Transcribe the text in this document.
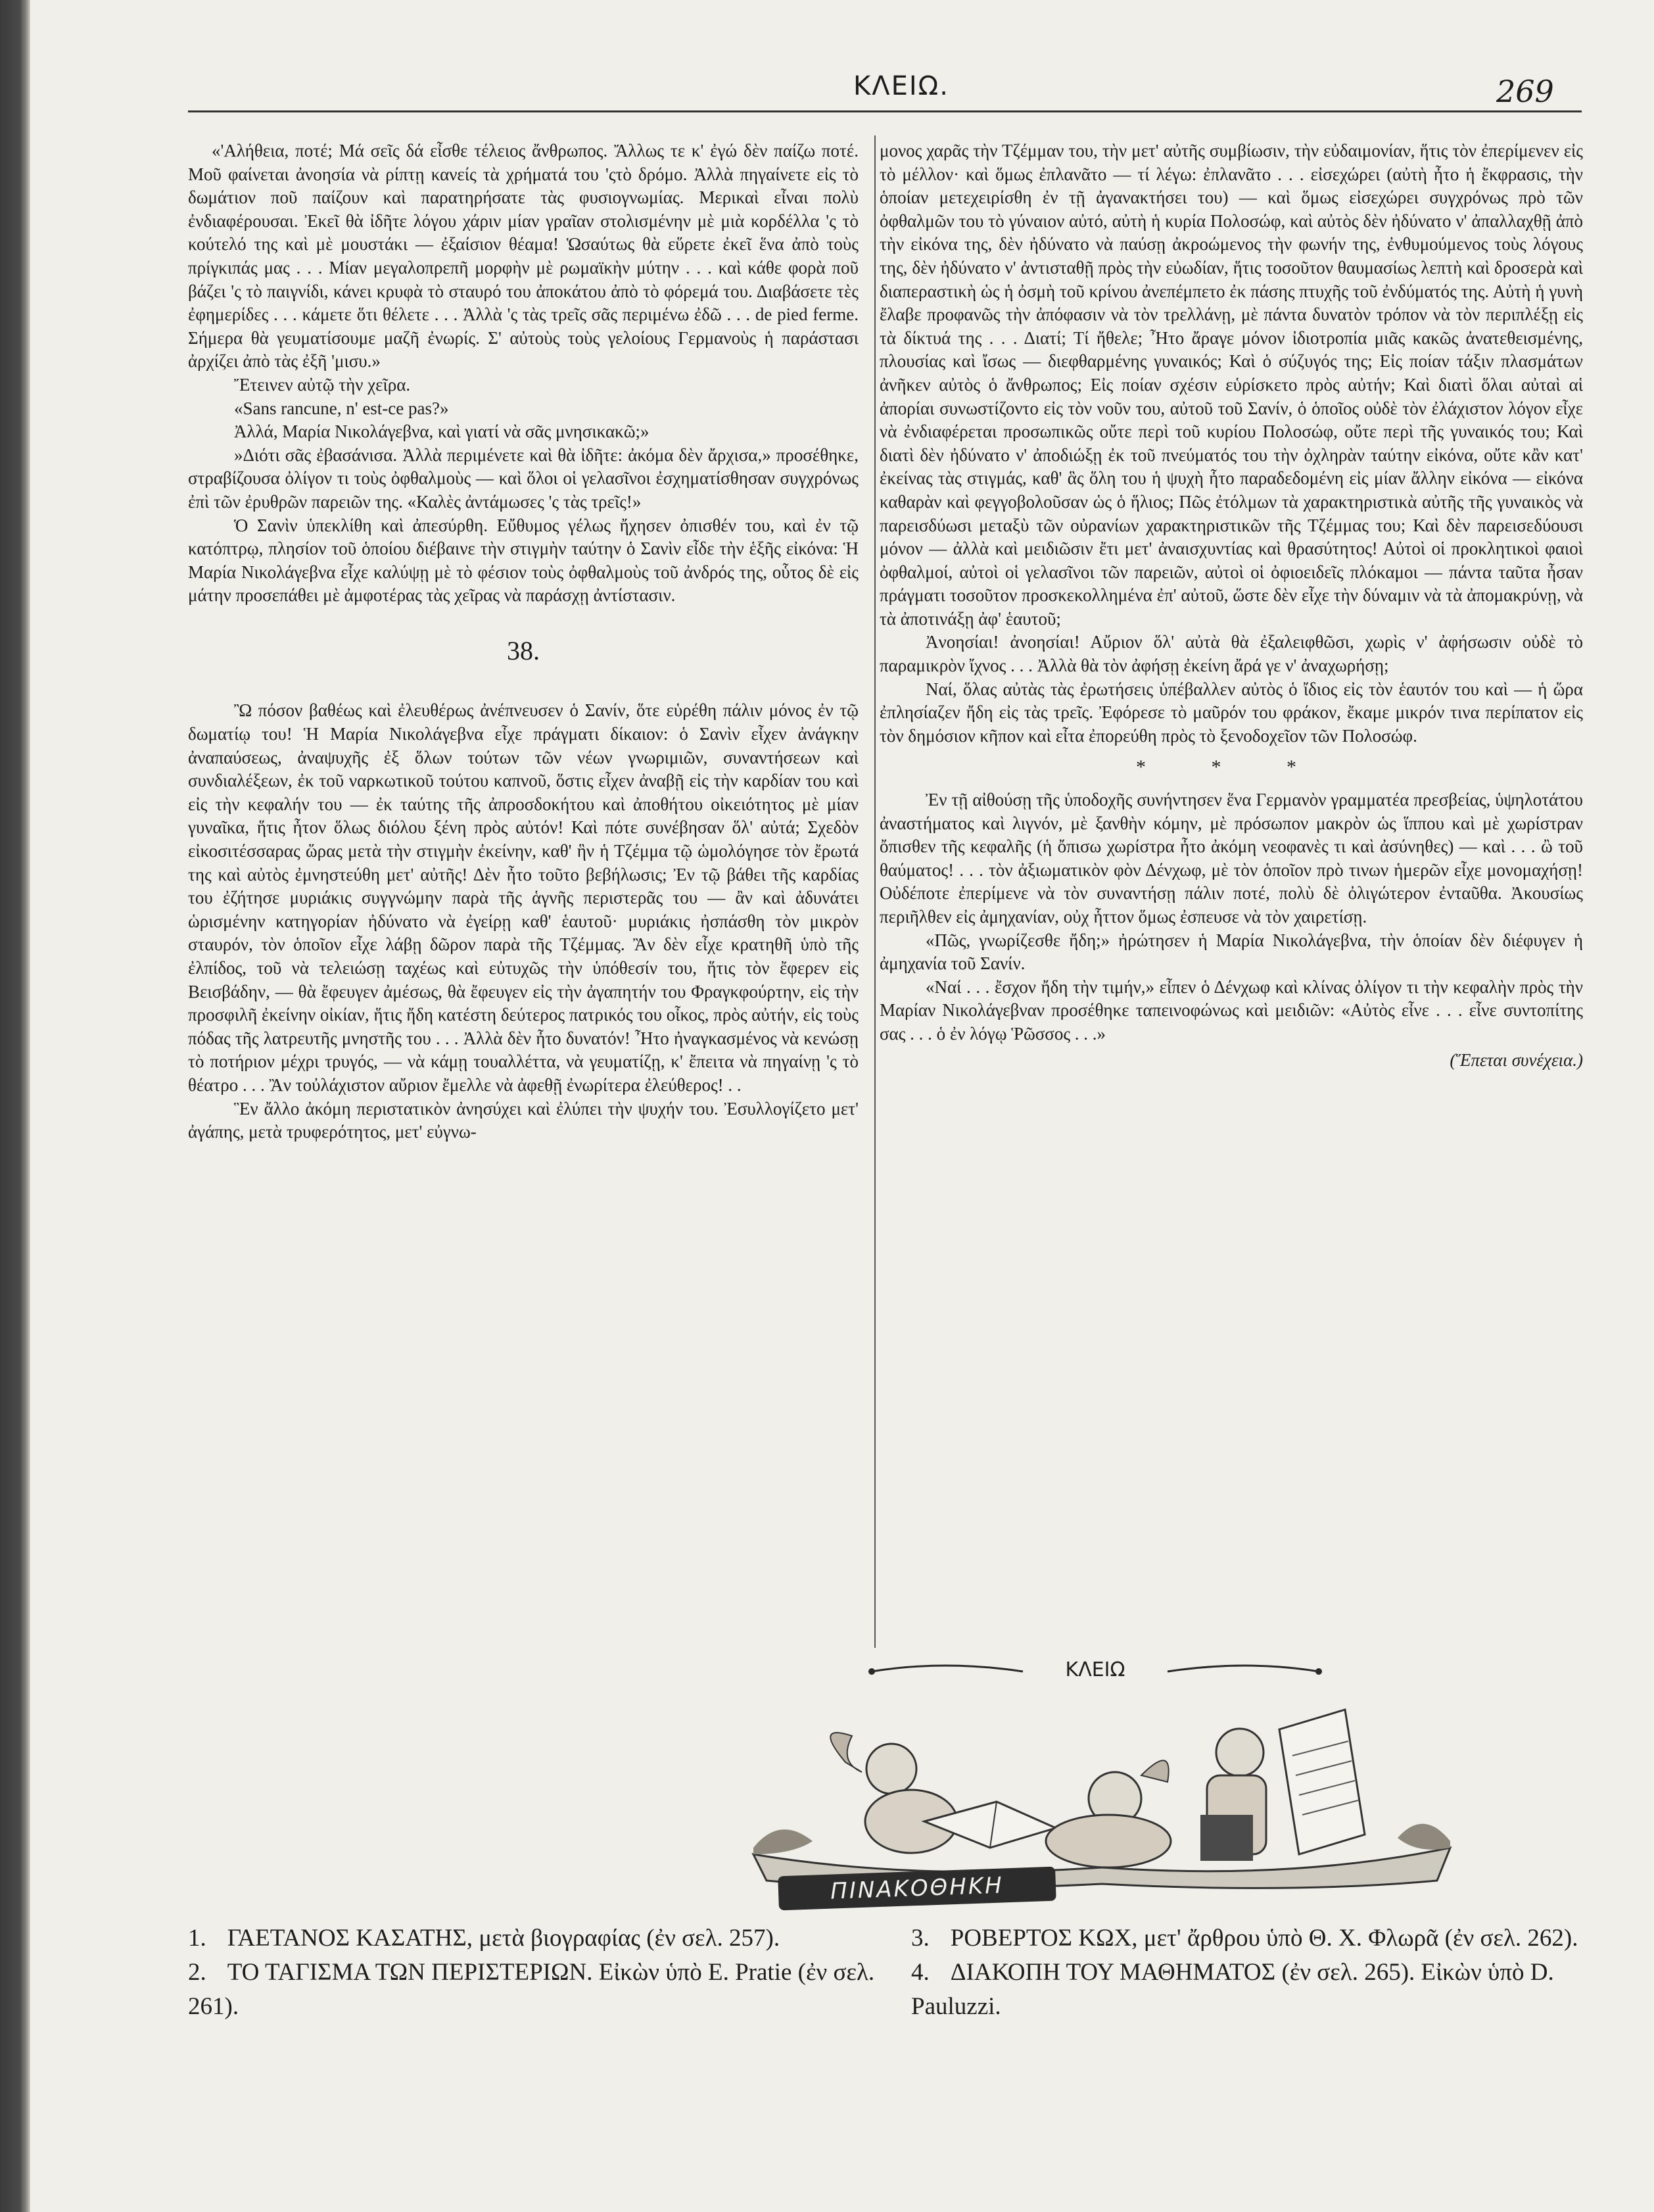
ΚΛΕΙΩ.	269

«'Αλήθεια, ποτέ; Μά σεῖς δά εἶσθε τέλειος ἄνθρωπος. Ἄλλως τε κ' ἐγώ δὲν παίζω ποτέ. Μοῦ φαίνεται ἀνοησία νὰ ρίπτῃ κανείς τὰ χρήματά του 'ςτὸ δρόμο. Ἀλλὰ πηγαίνετε εἰς τὸ δωμάτιον ποῦ παίζουν καὶ παρατηρήσατε τὰς φυσιογνωμίας. Μερικαὶ εἶναι πολὺ ἐνδιαφέρουσαι. Ἐκεῖ θὰ ἰδῆτε λόγου χάριν μίαν γραῖαν στολισμένην μὲ μιὰ κορδέλλα 'ς τὸ κούτελό της καὶ μὲ μουστάκι — ἐξαίσιον θέαμα! Ὡσαύτως θὰ εὕρετε ἐκεῖ ἕνα ἀπὸ τοὺς πρίγκιπάς μας . . . Μίαν μεγαλοπρεπῆ μορφὴν μὲ ρωμαϊκὴν μύτην . . . καὶ κάθε φορὰ ποῦ βάζει 'ς τὸ παιγνίδι, κάνει κρυφὰ τὸ σταυρό του ἀποκάτου ἀπὸ τὸ φόρεμά του. Διαβάσετε τὲς ἐφημερίδες . . . κάμετε ὅτι θέλετε . . . Ἀλλὰ 'ς τὰς τρεῖς σᾶς περιμένω ἐδῶ . . . de pied ferme. Σήμερα θὰ γευματίσουμε μαζῆ ἐνωρίς. Σ' αὐτοὺς τοὺς γελοίους Γερμανοὺς ἡ παράστασι ἀρχίζει ἀπὸ τὰς ἐξῆ 'μισυ.»

Ἔτεινεν αὐτῷ τὴν χεῖρα.

«Sans rancune, n' est-ce pas?»

Ἀλλά, Μαρία Νικολάγεβνα, καὶ γιατί νὰ σᾶς μνησικακῶ;»

»Διότι σᾶς ἐβασάνισα. Ἀλλὰ περιμένετε καὶ θὰ ἰδῆτε: ἀκόμα δὲν ἄρχισα,» προσέθηκε, στραβίζουσα ὀλίγον τι τοὺς ὀφθαλμοὺς — καὶ ὅλοι οἱ γελασῖνοι ἐσχηματίσθησαν συγχρόνως ἐπὶ τῶν ἐρυθρῶν παρειῶν της. «Καλὲς ἀντάμωσες 'ς τὰς τρεῖς!»

Ὁ Σανὶν ὑπεκλίθη καὶ ἀπεσύρθη. Εὔθυμος γέλως ἤχησεν ὀπισθέν του, καὶ ἐν τῷ κατόπτρῳ, πλησίον τοῦ ὁποίου διέβαινε τὴν στιγμὴν ταύτην ὁ Σανὶν εἶδε τὴν ἑξῆς εἰκόνα: Ἡ Μαρία Νικολάγεβνα εἶχε καλύψῃ μὲ τὸ φέσιον τοὺς ὀφθαλμοὺς τοῦ ἀνδρός της, οὗτος δὲ εἰς μάτην προσεπάθει μὲ ἀμφοτέρας τὰς χεῖρας νὰ παράσχῃ ἀντίστασιν.

38.

Ὢ πόσον βαθέως καὶ ἐλευθέρως ἀνέπνευσεν ὁ Σανίν, ὅτε εὑρέθη πάλιν μόνος ἐν τῷ δωματίῳ του! Ἡ Μαρία Νικολάγεβνα εἶχε πράγματι δίκαιον: ὁ Σανὶν εἶχεν ἀνάγκην ἀναπαύσεως, ἀναψυχῆς ἐξ ὅλων τούτων τῶν νέων γνωριμιῶν, συναντήσεων καὶ συνδιαλέξεων, ἐκ τοῦ ναρκωτικοῦ τούτου καπνοῦ, ὅστις εἶχεν ἀναβῇ εἰς τὴν καρδίαν του καὶ εἰς τὴν κεφαλήν του — ἐκ ταύτης τῆς ἀπροσδοκήτου καὶ ἀποθήτου οἰκειότητος μὲ μίαν γυναῖκα, ἥτις ἦτον ὅλως διόλου ξένη πρὸς αὐτόν! Καὶ πότε συνέβησαν ὅλ' αὐτά; Σχεδὸν εἰκοσιτέσσαρας ὥρας μετὰ τὴν στιγμὴν ἐκείνην, καθ' ἣν ἡ Τζέμμα τῷ ὡμολόγησε τὸν ἔρωτά της καὶ αὐτὸς ἐμνηστεύθη μετ' αὐτῆς! Δὲν ἦτο τοῦτο βεβήλωσις; Ἐν τῷ βάθει τῆς καρδίας του ἐζήτησε μυριάκις συγγνώμην παρὰ τῆς ἁγνῆς περιστερᾶς του — ἂν καὶ ἀδυνάτει ὡρισμένην κατηγορίαν ἠδύνατο νὰ ἐγείρῃ καθ' ἑαυτοῦ· μυριάκις ἠσπάσθη τὸν μικρὸν σταυρόν, τὸν ὁποῖον εἶχε λάβῃ δῶρον παρὰ τῆς Τζέμμας. Ἂν δὲν εἶχε κρατηθῆ ὑπὸ τῆς ἐλπίδος, τοῦ νὰ τελειώσῃ ταχέως καὶ εὐτυχῶς τὴν ὑπόθεσίν του, ἥτις τὸν ἔφερεν εἰς Βεισβάδην, — θὰ ἔφευγεν ἀμέσως, θὰ ἔφευγεν εἰς τὴν ἀγαπητήν του Φραγκφούρτην, εἰς τὴν προσφιλῆ ἐκείνην οἰκίαν, ἥτις ἤδη κατέστη δεύτερος πατρικός του οἶκος, πρὸς αὐτήν, εἰς τοὺς πόδας τῆς λατρευτῆς μνηστῆς του . . . Ἀλλὰ δὲν ἦτο δυνατόν! Ἦτο ἠναγκασμένος νὰ κενώσῃ τὸ ποτήριον μέχρι τρυγός, — νὰ κάμῃ τουαλλέττα, νὰ γευματίζῃ, κ' ἔπειτα νὰ πηγαίνῃ 'ς τὸ θέατρο . . . Ἂν τοὐλάχιστον αὔριον ἔμελλε νὰ ἀφεθῇ ἐνωρίτερα ἐλεύθερος! . .

Ἓν ἄλλο ἀκόμη περιστατικὸν ἀνησύχει καὶ ἐλύπει τὴν ψυχήν του. Ἐσυλλογίζετο μετ' ἀγάπης, μετὰ τρυφερότητος, μετ' εὐγνω-

μονος χαρᾶς τὴν Τζέμμαν του, τὴν μετ' αὐτῆς συμβίωσιν, τὴν εὐδαιμονίαν, ἥτις τὸν ἐπερίμενεν εἰς τὸ μέλλον· καὶ ὅμως ἐπλανᾶτο — τί λέγω: ἐπλανᾶτο . . . εἰσεχώρει (αὐτὴ ἦτο ἡ ἔκφρασις, τὴν ὁποίαν μετεχειρίσθη ἐν τῇ ἀγανακτήσει του) — καὶ ὅμως εἰσεχώρει συγχρόνως πρὸ τῶν ὀφθαλμῶν του τὸ γύναιον αὐτό, αὐτὴ ἡ κυρία Πολοσώφ, καὶ αὐτὸς δὲν ἠδύνατο ν' ἀπαλλαχθῇ ἀπὸ τὴν εἰκόνα της, δὲν ἠδύνατο νὰ παύσῃ ἀκροώμενος τὴν φωνήν της, ἐνθυμούμενος τοὺς λόγους της, δὲν ἠδύνατο ν' ἀντισταθῇ πρὸς τὴν εὐωδίαν, ἥτις τοσοῦτον θαυμασίως λεπτὴ καὶ δροσερὰ καὶ διαπεραστικὴ ὡς ἡ ὀσμὴ τοῦ κρίνου ἀνεπέμπετο ἐκ πάσης πτυχῆς τοῦ ἐνδύματός της. Αὐτὴ ἡ γυνὴ ἔλαβε προφανῶς τὴν ἀπόφασιν νὰ τὸν τρελλάνῃ, μὲ πάντα δυνατὸν τρόπον νὰ τὸν περιπλέξῃ εἰς τὰ δίκτυά της . . . Διατί; Τί ἤθελε; Ἦτο ἄραγε μόνον ἰδιοτροπία μιᾶς κακῶς ἀνατεθεισμένης, πλουσίας καὶ ἴσως — διεφθαρμένης γυναικός; Καὶ ὁ σύζυγός της; Εἰς ποίαν τάξιν πλασμάτων ἀνῆκεν αὐτὸς ὁ ἄνθρωπος; Εἰς ποίαν σχέσιν εὑρίσκετο πρὸς αὐτήν; Καὶ διατὶ ὅλαι αὐταὶ αἱ ἀπορίαι συνωστίζοντο εἰς τὸν νοῦν του, αὐτοῦ τοῦ Σανίν, ὁ ὁποῖος οὐδὲ τὸν ἐλάχιστον λόγον εἶχε νὰ ἐνδιαφέρεται προσωπικῶς οὔτε περὶ τοῦ κυρίου Πολοσώφ, οὔτε περὶ τῆς γυναικός του; Καὶ διατὶ δὲν ἠδύνατο ν' ἀποδιώξῃ ἐκ τοῦ πνεύματός του τὴν ὀχληρὰν ταύτην εἰκόνα, οὔτε κἂν κατ' ἐκείνας τὰς στιγμάς, καθ' ἃς ὅλη του ἡ ψυχὴ ἦτο παραδεδομένη εἰς μίαν ἄλλην εἰκόνα — εἰκόνα καθαρὰν καὶ φεγγοβολοῦσαν ὡς ὁ ἥλιος; Πῶς ἐτόλμων τὰ χαρακτηριστικὰ αὐτῆς τῆς γυναικὸς νὰ παρεισδύωσι μεταξὺ τῶν οὐρανίων χαρακτηριστικῶν τῆς Τζέμμας του; Καὶ δὲν παρεισεδύουσι μόνον — ἀλλὰ καὶ μειδιῶσιν ἔτι μετ' ἀναισχυντίας καὶ θρασύτητος! Αὐτοὶ οἱ προκλητικοὶ φαιοὶ ὀφθαλμοί, αὐτοὶ οἱ γελασῖνοι τῶν παρειῶν, αὐτοὶ οἱ ὀφιοειδεῖς πλόκαμοι — πάντα ταῦτα ἦσαν πράγματι τοσοῦτον προσκεκολλημένα ἐπ' αὐτοῦ, ὥστε δὲν εἶχε τὴν δύναμιν νὰ τὰ ἀπομακρύνῃ, νὰ τὰ ἀποτινάξῃ ἀφ' ἑαυτοῦ;

Ἀνοησίαι! ἀνοησίαι! Αὔριον ὅλ' αὐτὰ θὰ ἐξαλειφθῶσι, χωρὶς ν' ἀφήσωσιν οὐδὲ τὸ παραμικρὸν ἴχνος . . . Ἀλλὰ θὰ τὸν ἀφήσῃ ἐκείνη ἄρά γε ν' ἀναχωρήσῃ;

Ναί, ὅλας αὐτὰς τὰς ἐρωτήσεις ὑπέβαλλεν αὐτὸς ὁ ἴδιος εἰς τὸν ἑαυτόν του καὶ — ἡ ὥρα ἐπλησίαζεν ἤδη εἰς τὰς τρεῖς. Ἐφόρεσε τὸ μαῦρόν του φράκον, ἔκαμε μικρόν τινα περίπατον εἰς τὸν δημόσιον κῆπον καὶ εἶτα ἐπορεύθη πρὸς τὸ ξενοδοχεῖον τῶν Πολοσώφ.

* * *

Ἐν τῇ αἰθούσῃ τῆς ὑποδοχῆς συνήντησεν ἕνα Γερμανὸν γραμματέα πρεσβείας, ὑψηλοτάτου ἀναστήματος καὶ λιγνόν, μὲ ξανθὴν κόμην, μὲ πρόσωπον μακρὸν ὡς ἵππου καὶ μὲ χωρίστραν ὄπισθεν τῆς κεφαλῆς (ἡ ὄπισω χωρίστρα ἦτο ἀκόμη νεοφανὲς τι καὶ ἀσύνηθες) — καὶ . . . ὢ τοῦ θαύματος! . . . τὸν ἀξιωματικὸν φὸν Δένχωφ, μὲ τὸν ὁποῖον πρὸ τινων ἡμερῶν εἶχε μονομαχήσῃ! Οὐδέποτε ἐπερίμενε νὰ τὸν συναντήσῃ πάλιν ποτέ, πολὺ δὲ ὀλιγώτερον ἐνταῦθα. Ἀκουσίως περιῆλθεν εἰς ἀμηχανίαν, οὐχ ἧττον ὅμως ἐσπευσε νὰ τὸν χαιρετίσῃ.

«Πῶς, γνωρίζεσθε ἤδη;» ἠρώτησεν ἡ Μαρία Νικολάγεβνα, τὴν ὁποίαν δὲν διέφυγεν ἡ ἀμηχανία τοῦ Σανίν.

«Ναί . . . ἔσχον ἤδη τὴν τιμήν,» εἶπεν ὁ Δένχωφ καὶ κλίνας ὀλίγον τι τὴν κεφαλὴν πρὸς τὴν Μαρίαν Νικολάγεβναν προσέθηκε ταπεινοφώνως καὶ μειδιῶν: «Αὐτὸς εἶνε . . . εἶνε συντοπίτης σας . . . ὁ ἐν λόγῳ Ῥῶσσος . . .»

(Ἕπεται συνέχεια.)
ΚΛΕΙΩ
ΠΙΝΑΚΟΘΗΚΗ

1. ΓΑΕΤΑΝΟΣ ΚΑΣΑΤΗΣ, μετὰ βιογραφίας (ἐν σελ. 257).

2. ΤΟ ΤΑΓΙΣΜΑ ΤΩΝ ΠΕΡΙΣΤΕΡΙΩΝ. Εἰκὼν ὑπὸ E. Pratie (ἐν σελ. 261).

3. ΡΟΒΕΡΤΟΣ ΚΩΧ, μετ' ἄρθρου ὑπὸ Θ. Χ. Φλωρᾶ (ἐν σελ. 262).

4. ΔΙΑΚΟΠΗ ΤΟΥ ΜΑΘΗΜΑΤΟΣ (ἐν σελ. 265). Εἰκὼν ὑπὸ D. Pauluzzi.
